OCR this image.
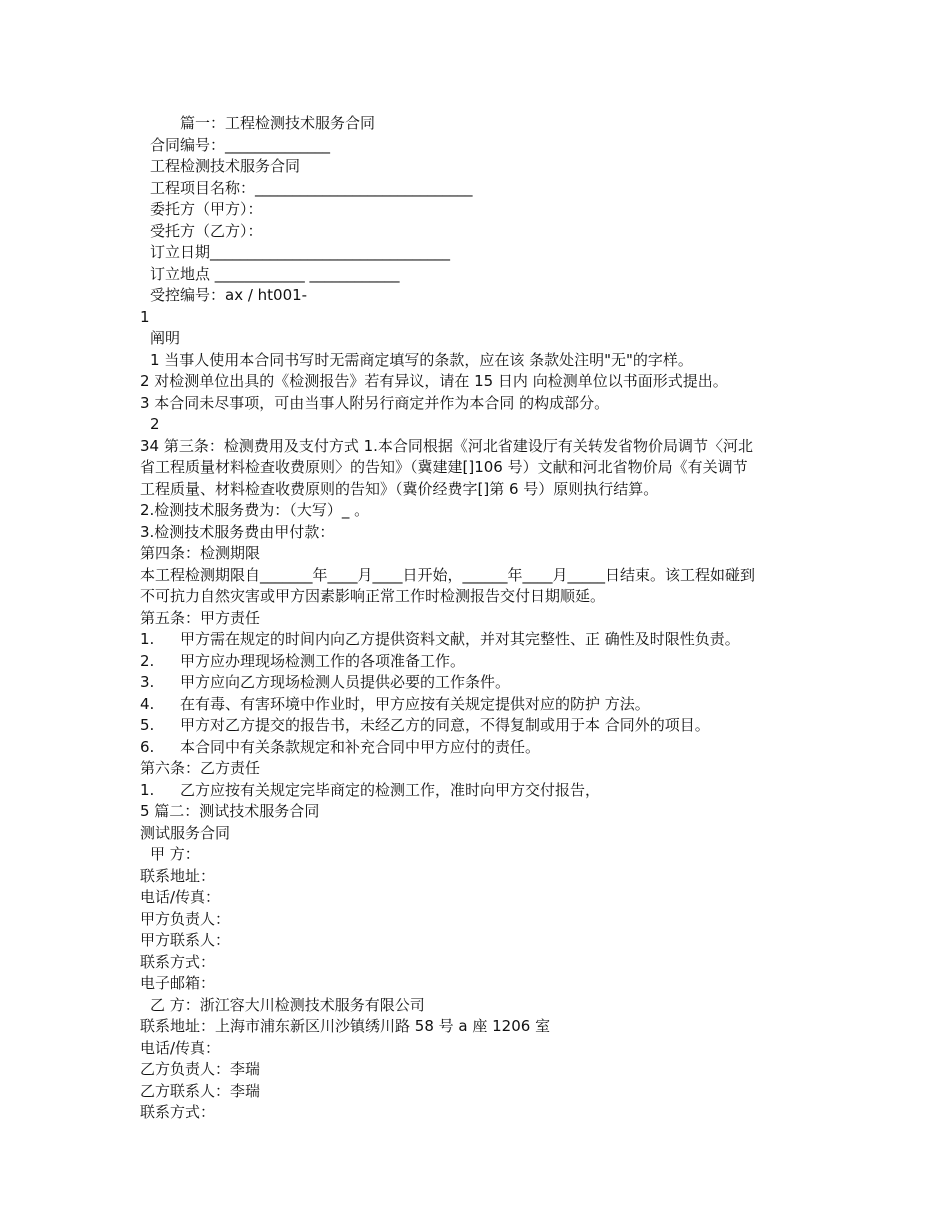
篇一：工程检测技术服务合同
合同编号：______________
工程检测技术服务合同
工程项目名称：_____________________________
委托方（甲方）：
受托方（乙方）：
订立日期________________________________
订立地点 ____________ ____________
受控编号：ax / ht001-
1
阐明
1 当事人使用本合同书写时无需商定填写的条款，应在该 条款处注明"无"的字样。
2 对检测单位出具的《检测报告》若有异议，请在 15 日内 向检测单位以书面形式提出。
3 本合同未尽事项，可由当事人附另行商定并作为本合同 的构成部分。
2
34 第三条：检测费用及支付方式 1.本合同根据《河北省建设厅有关转发省物价局调节〈河北
省工程质量材料检查收费原则〉的告知》（冀建建[]106 号）文献和河北省物价局《有关调节
工程质量、材料检查收费原则的告知》（冀价经费字[]第 6 号）原则执行结算。
2.检测技术服务费为：（大写）_ 。
3.检测技术服务费由甲付款：
第四条：检测期限
本工程检测期限自_______年____月____日开始，______年____月_____日结束。该工程如碰到
不可抗力自然灾害或甲方因素影响正常工作时检测报告交付日期顺延。
第五条：甲方责任
1. 甲方需在规定的时间内向乙方提供资料文献，并对其完整性、正 确性及时限性负责。
2. 甲方应办理现场检测工作的各项准备工作。
3. 甲方应向乙方现场检测人员提供必要的工作条件。
4. 在有毒、有害环境中作业时，甲方应按有关规定提供对应的防护 方法。
5. 甲方对乙方提交的报告书，未经乙方的同意，不得复制或用于本 合同外的项目。
6. 本合同中有关条款规定和补充合同中甲方应付的责任。
第六条：乙方责任
1. 乙方应按有关规定完毕商定的检测工作，准时向甲方交付报告，
5 篇二：测试技术服务合同
测试服务合同
甲 方：
联系地址：
电话/传真：
甲方负责人：
甲方联系人：
联系方式：
电子邮箱：
乙 方：浙江容大川检测技术服务有限公司
联系地址：上海市浦东新区川沙镇绣川路 58 号 a 座 1206 室
电话/传真：
乙方负责人：李瑞
乙方联系人：李瑞
联系方式：
